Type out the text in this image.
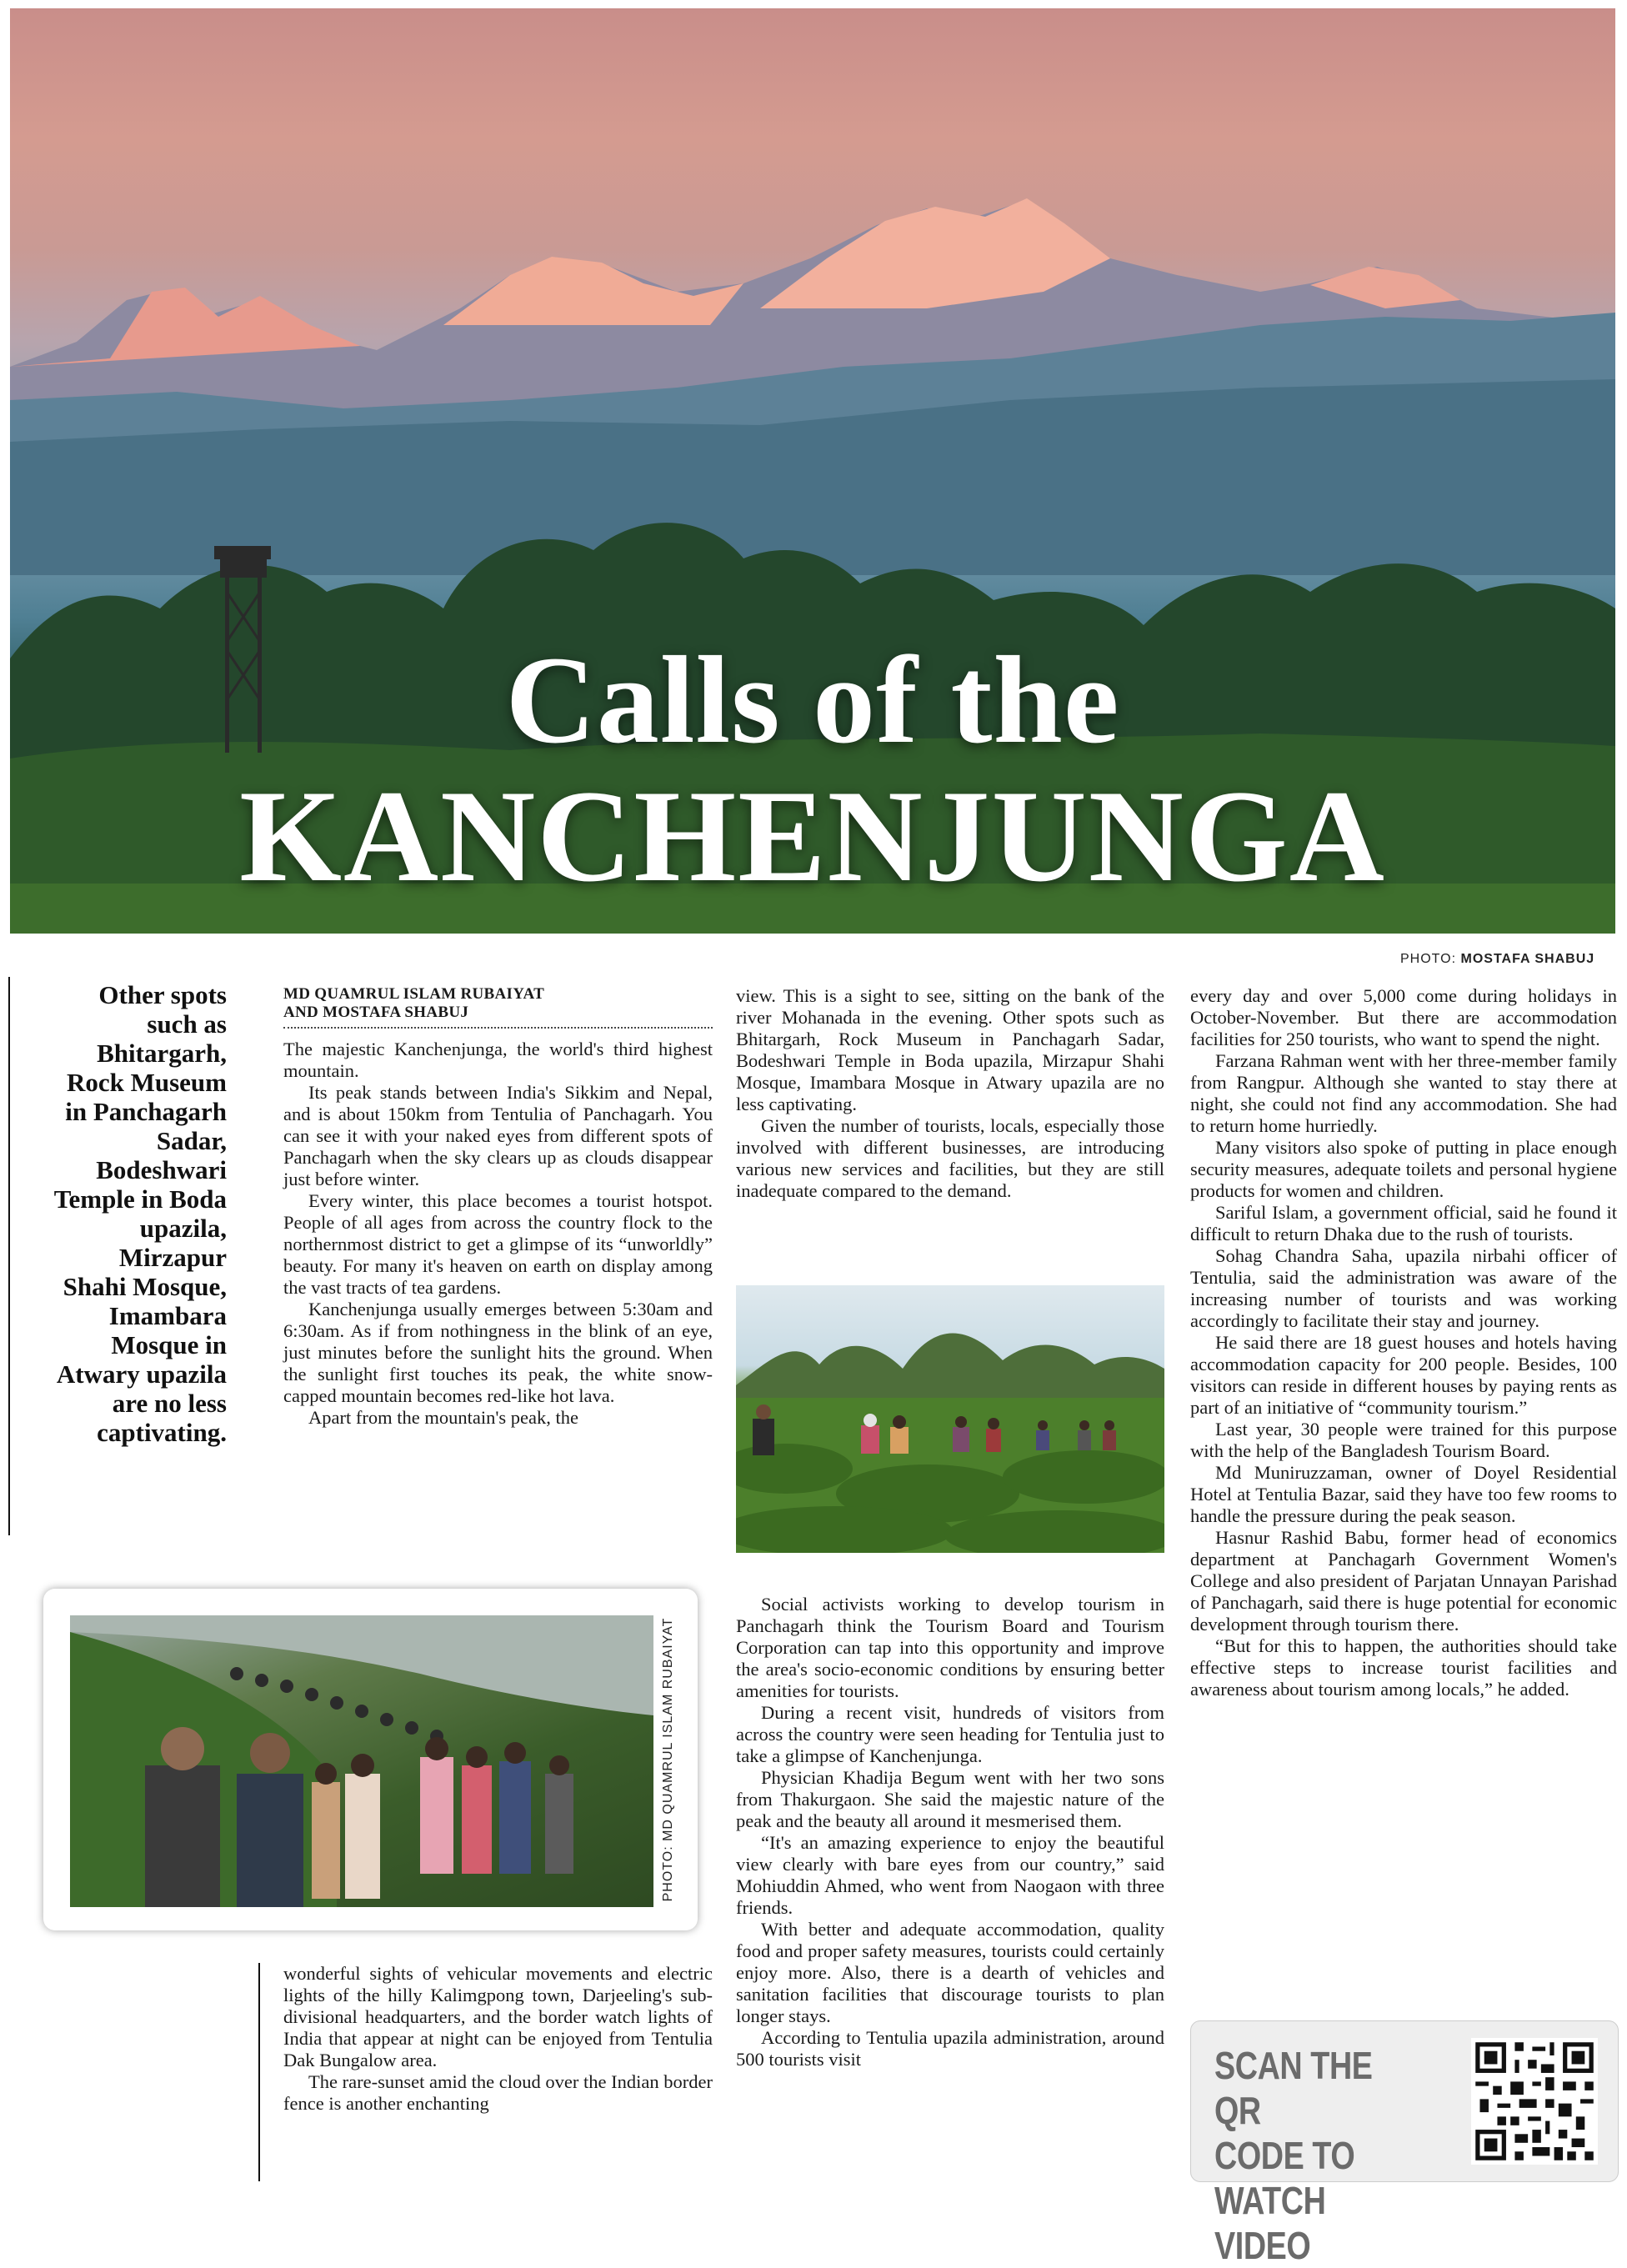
Calls of the
KANCHENJUNGA
PHOTO: MOSTAFA SHABUJ
Other spots such as Bhitargarh, Rock Museum in Panchagarh Sadar, Bodeshwari Temple in Boda upazila, Mirzapur Shahi Mosque, Imambara Mosque in Atwary upazila are no less captivating.
MD QUAMRUL ISLAM RUBAIYAT
AND MOSTAFA SHABUJ

The majestic Kanchenjunga, the world's third highest mountain.

Its peak stands between India's Sikkim and Nepal, and is about 150km from Tentulia of Panchagarh. You can see it with your naked eyes from different spots of Panchagarh when the sky clears up as clouds disappear just before winter.

Every winter, this place becomes a tourist hotspot. People of all ages from across the country flock to the northernmost district to get a glimpse of its “unworldly” beauty. For many it's heaven on earth on display among the vast tracts of tea gardens.

Kanchenjunga usually emerges between 5:30am and 6:30am. As if from nothingness in the blink of an eye, just minutes before the sunlight hits the ground. When the sunlight first touches its peak, the white snow-capped mountain becomes red-like hot lava.

Apart from the mountain's peak, the

view. This is a sight to see, sitting on the bank of the river Mohanada in the evening. Other spots such as Bhitargarh, Rock Museum in Panchagarh Sadar, Bodeshwari Temple in Boda upazila, Mirzapur Shahi Mosque, Imambara Mosque in Atwary upazila are no less captivating.

Given the number of tourists, locals, especially those involved with different businesses, are introducing various new services and facilities, but they are still inadequate compared to the demand.

Social activists working to develop tourism in Panchagarh think the Tourism Board and Tourism Corporation can tap into this opportunity and improve the area's socio-economic conditions by ensuring better amenities for tourists.

During a recent visit, hundreds of visitors from across the country were seen heading for Tentulia just to take a glimpse of Kanchenjunga.

Physician Khadija Begum went with her two sons from Thakurgaon. She said the majestic nature of the peak and the beauty all around it mesmerised them.

“It's an amazing experience to enjoy the beautiful view clearly with bare eyes from our country,” said Mohiuddin Ahmed, who went from Naogaon with three friends.

With better and adequate accommodation, quality food and proper safety measures, tourists could certainly enjoy more. Also, there is a dearth of vehicles and sanitation facilities that discourage tourists to plan longer stays.

According to Tentulia upazila administration, around 500 tourists visit

every day and over 5,000 come during holidays in October-November. But there are accommodation facilities for 250 tourists, who want to spend the night.

Farzana Rahman went with her three-member family from Rangpur. Although she wanted to stay there at night, she could not find any accommodation. She had to return home hurriedly.

Many visitors also spoke of putting in place enough security measures, adequate toilets and personal hygiene products for women and children.

Sariful Islam, a government official, said he found it difficult to return Dhaka due to the rush of tourists.

Sohag Chandra Saha, upazila nirbahi officer of Tentulia, said the administration was aware of the increasing number of tourists and was working accordingly to facilitate their stay and journey.

He said there are 18 guest houses and hotels having accommodation capacity for 200 people. Besides, 100 visitors can reside in different houses by paying rents as part of an initiative of “community tourism.”

Last year, 30 people were trained for this purpose with the help of the Bangladesh Tourism Board.

Md Muniruzzaman, owner of Doyel Residential Hotel at Tentulia Bazar, said they have too few rooms to handle the pressure during the peak season.

Hasnur Rashid Babu, former head of economics department at Panchagarh Government Women's College and also president of Parjatan Unnayan Parishad of Panchagarh, said there is huge potential for economic development through tourism there.

“But for this to happen, the authorities should take effective steps to increase tourist facilities and awareness about tourism among locals,” he added.

PHOTO: MD QUAMRUL ISLAM RUBAIYAT

wonderful sights of vehicular movements and electric lights of the hilly Kalimgpong town, Darjeeling's sub-divisional headquarters, and the border watch lights of India that appear at night can be enjoyed from Tentulia Dak Bungalow area.

The rare-sunset amid the cloud over the Indian border fence is another enchanting

SCAN THE QR
CODE TO WATCH
VIDEO
